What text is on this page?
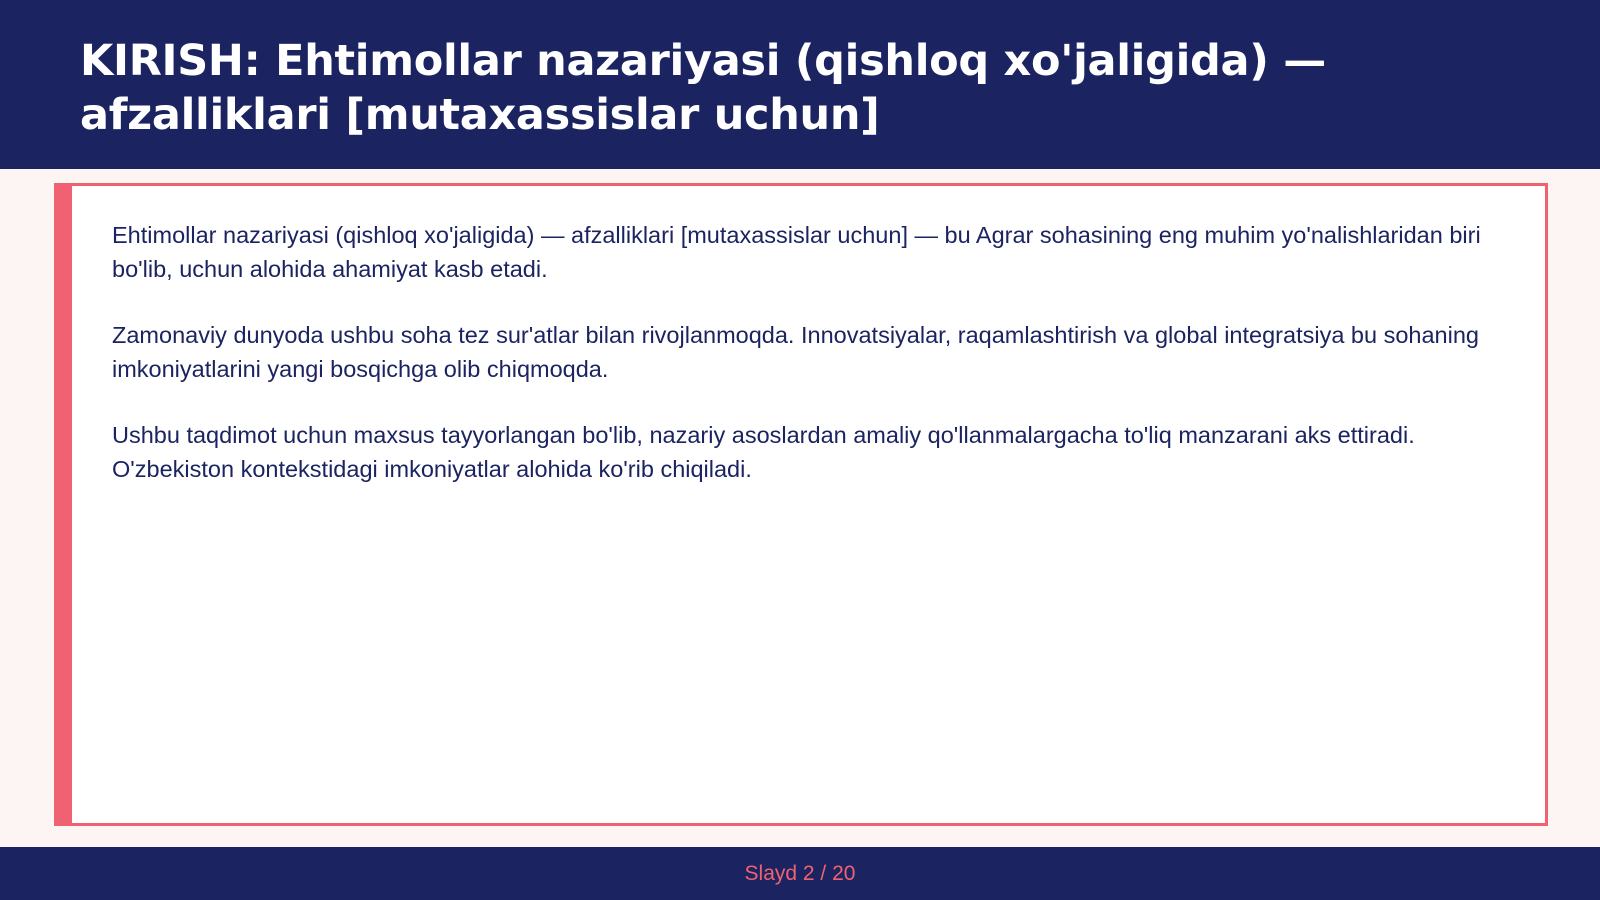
KIRISH: Ehtimollar nazariyasi (qishloq xo'jaligida) — afzalliklari [mutaxassislar uchun]

Ehtimollar nazariyasi (qishloq xo'jaligida) — afzalliklari [mutaxassislar uchun] — bu Agrar sohasining eng muhim yo'nalishlaridan biri bo'lib, uchun alohida ahamiyat kasb etadi.

Zamonaviy dunyoda ushbu soha tez sur'atlar bilan rivojlanmoqda. Innovatsiyalar, raqamlashtirish va global integratsiya bu sohaning imkoniyatlarini yangi bosqichga olib chiqmoqda.

Ushbu taqdimot uchun maxsus tayyorlangan bo'lib, nazariy asoslardan amaliy qo'llanmalargacha to'liq manzarani aks ettiradi. O'zbekiston kontekstidagi imkoniyatlar alohida ko'rib chiqiladi.

Slayd 2 / 20
